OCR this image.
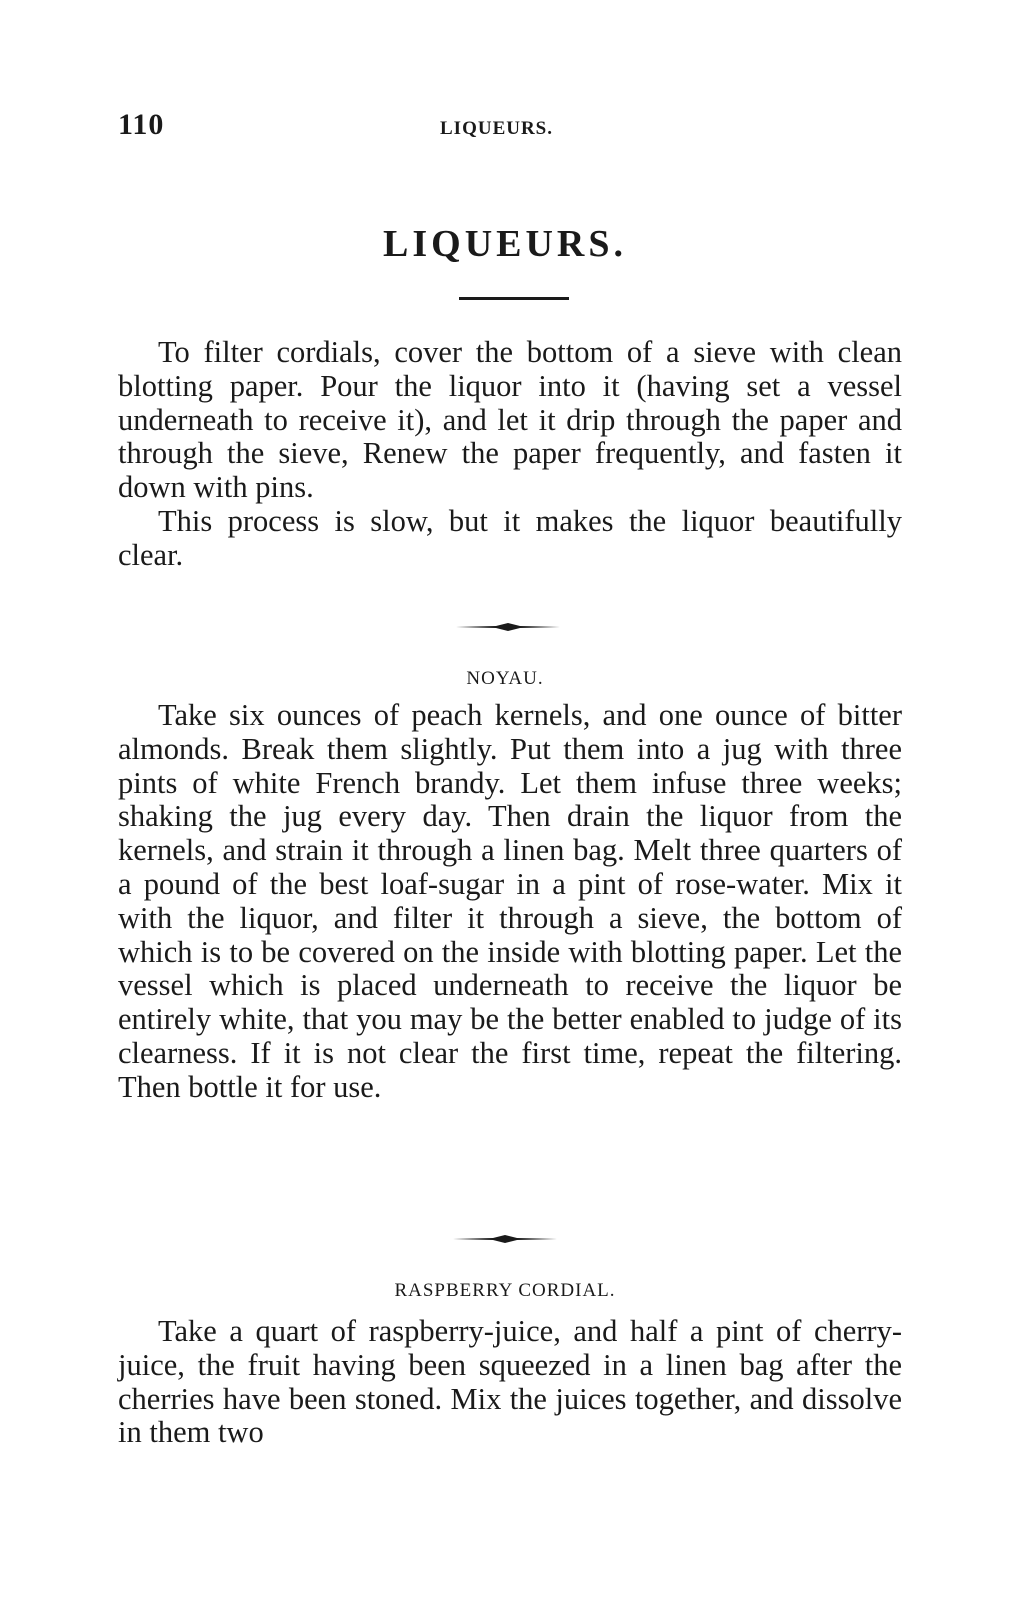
110	LIQUEURS.
LIQUEURS.

To filter cordials, cover the bottom of a sieve with clean blotting paper. Pour the liquor into it (having set a vessel underneath to receive it), and let it drip through the paper and through the sieve, Renew the paper frequently, and fasten it down with pins.

This process is slow, but it makes the liquor beautifully clear.

NOYAU.

Take six ounces of peach kernels, and one ounce of bitter almonds. Break them slightly. Put them into a jug with three pints of white French brandy. Let them infuse three weeks; shaking the jug every day. Then drain the liquor from the kernels, and strain it through a linen bag. Melt three quarters of a pound of the best loaf-sugar in a pint of rose-water. Mix it with the liquor, and filter it through a sieve, the bottom of which is to be covered on the inside with blotting paper. Let the vessel which is placed underneath to receive the liquor be entirely white, that you may be the better enabled to judge of its clearness. If it is not clear the first time, repeat the filtering. Then bottle it for use.

RASPBERRY CORDIAL.

Take a quart of raspberry-juice, and half a pint of cherry-juice, the fruit having been squeezed in a linen bag after the cherries have been stoned. Mix the juices together, and dissolve in them two
